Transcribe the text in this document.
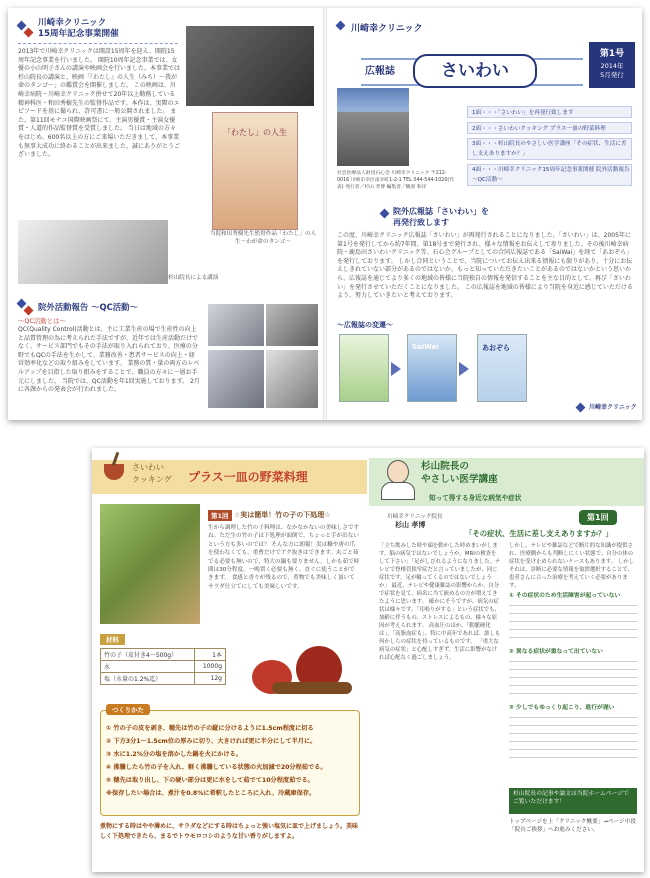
川崎幸クリニック
15周年記念事業開催
2013年で川崎幸クリニックは開設15周年を迎え、開院15周年記念事業を行いました。 開院10周年記念事業では、女優の小山明子さんの講演や映画会を行いました。本事業では杉山院長の講演と、映画「『わたし』の人生（みち）〜我が命のタンゴ〜」の鑑賞会を開催しました。 この映画は、川崎幸病院・川崎幸クリニック併せて20年以上勤務している精神科医・和田秀樹先生の監督作品です。本作は、実際のエピソードを基に撮られ、許可書に一般公開されました。 また、第11回モナコ国際映画祭にて、主演男優賞・主演女優賞・人道的作品監督賞を受賞しました。 当日は地域の方々をはじめ、600名以上の方にご来場いただきまして、本事業も無事大成功に終わることが出来ました。誠にありがとうございました。
「わたし」の人生
当院和田秀樹先生監督作品「わたし」の人生〜わが命のタンゴ〜
杉山院長による講演
院外活動報告 〜QC活動〜
〜QC活動とは〜
QC(Quality Control)活動とは、主に工業生産の場で生産性の向上と品質管理の為に考えられた手法ですが、近年では生産活動だけでなく、サービス部門でもその手法が取り入れられており、医療の分野でもQCの手法を生かして、業務改善・患者サービスの向上・経営効率化などの取り組みをしています。 業務の質・量の両方のレベルアップを目指した取り組みをすることで、職員の方々に一層お手元にしました。 当院では、QC活動を年1回実施しております。 2月に各課からの発表会が行われました。
川崎幸クリニック
広報誌	さいわい
第1号
2014年
5月発行
社会医療法人財団石心会 川崎幸クリニック 〒212-0016 川崎市幸区南幸町1-2-1 TEL 044-544-1020(代表) 発行者／杉山 孝博 編集者／鴫原 和洋
1面・・・「さいわい」を再発行致します
2面・・・さいわいクッキング プラス一皿の野菜料理
3面・・・杉山院長のやさしい医学講座「その症状、生活に差し支えありますか？」
4面・・・川崎幸クリニック15周年記念事業開催 院外活動報告 〜QC活動〜
院外広報誌「さいわい」を
再発行致します
この度、川崎幸クリニック広報誌「さいわい」が再発行されることになりました。「さいわい」は、2005年に第1号を発行してから約7年間、第18号まで発行され、様々な情報をお伝えして参りました。その後川崎幸病院・鹿島田さいわいクリニック等、石心会グループとしての合同広報誌である「SaiWai」を経て「あおぞら」を発行しております。 しかし合同ということで、当院についてお伝え出来る情報にも限りがあり、十分にお伝えしきれていない部分があるのではないか、もっと知っていただきたいことがあるのではないかという思いから、広報誌を通じてより多くの地域の皆様に当院独自の情報を発信することを主な目的として、再び「さいわい」を発行させていただくことになりました。 この広報誌を地域の皆様により当院を身近に感じていただけるよう、努力していきたいと考えております。
〜広報誌の変遷〜
SaiWai	あおぞら
川崎幸クリニック
さいわい
クッキング プラス一皿の野菜料理
第1回 ☆実は簡単！竹の子の下処理☆
生から調理した竹の子料理は、なかなかないの美味しさですね。ただ生の竹の子は下処理が面倒で、ちょっと手が出ないという方も多いのでは？ そんな方に朗報！実は糠や唐の爪を使わなくても、重曹だけでアク抜きはできます。丸ごと茹でる必要も無いので、特大の鍋も要りません。しかも茹で時間は30分程度。一晩置く必要も無く、直ぐに使うことができます。 食感と香りが残るので、煮物でも美味しく頂いてサラダ仕立てにしても美味しいです。
材料
竹の子（皮付き4〜500g）	1本
水	1000g
塩（水量の1.2%迄）	12g
つくりかた
① 竹の子の皮を剥き、穂先は竹の子の縦に分けるように1.5cm程度に切る
② 下方3分1〜1.5cm位の厚みに切り、大きければ更に半分にして半月に。
③ 水に1.2%分の塩を溶かした鍋を火にかける。
④ 沸騰したら竹の子を入れ、軽く沸騰している状態の火加減で20分程茹でる。
⑤ 穂先は取り出し、下の硬い部分は更に水をして茹でて10分程度茹でる。
※保存したい場合は、煮汁を0.8%に希釈したところに入れ、冷蔵庫保存。
煮物にする時はやや薄めに、サラダなどにする時はちょっと強い塩気に皿で上げましょう。美味しく下処理できたら、まるでトウモロコシのような甘い香りがしますよ。
杉山院長の
やさしい医学講座
知って得する身近な病気や症状
第1回
川崎幸クリニック院長
杉山 孝博
「その症状、生活に差し支えありますか？」
「立ち飲みした時や頭を動かした時めまいがします。脳の病気ではないでしょうか。MRIの検査をして下さい」「足がしびれるようになりました。テレビで脊椎管狭窄症だと言っていましたが、同じ症状です。足が輪ってくるのではないでしょうか」 最近、テレビや健康雑誌の影響からか、自分で症状を見て、病名に当て嵌めるの方が増えてきたように思います。 確かにそうですが、病気の症状は様々です。「耳鳴りがする」という症状でも、加齢に伴うもの、ストレスによるもの、様々な原因が考えられます。 高血圧のほか、「動脈硬化は」、「高脂血症も」、特に中高年であれば、誰しも何かしらの症状を持っているものです。 「重大な病気の症状」と心配しすぎず、生活に影響がなければ心配なく過ごしましょう。
しかし、テレビや雑誌などで断片的な知識が提供され、医療側からも判断しにくい状態で、自分の体の症状を受け止められないケースもあります。 しかしそれは、診断に必要な情報を取捨選択することで、患者さんに合った治療を考えていく必要があります。
① その症状のため生活障害が起っていない
② 異なる症状が重なって出ていない
③ 少しでもゆっくり起こり、進行が遅い
杉山院長の記事や論文は当院ホームページでご覧いただけます！
トップページを上「クリニック概要」→ページ中段「院長ご挨拶」へお進みください。
